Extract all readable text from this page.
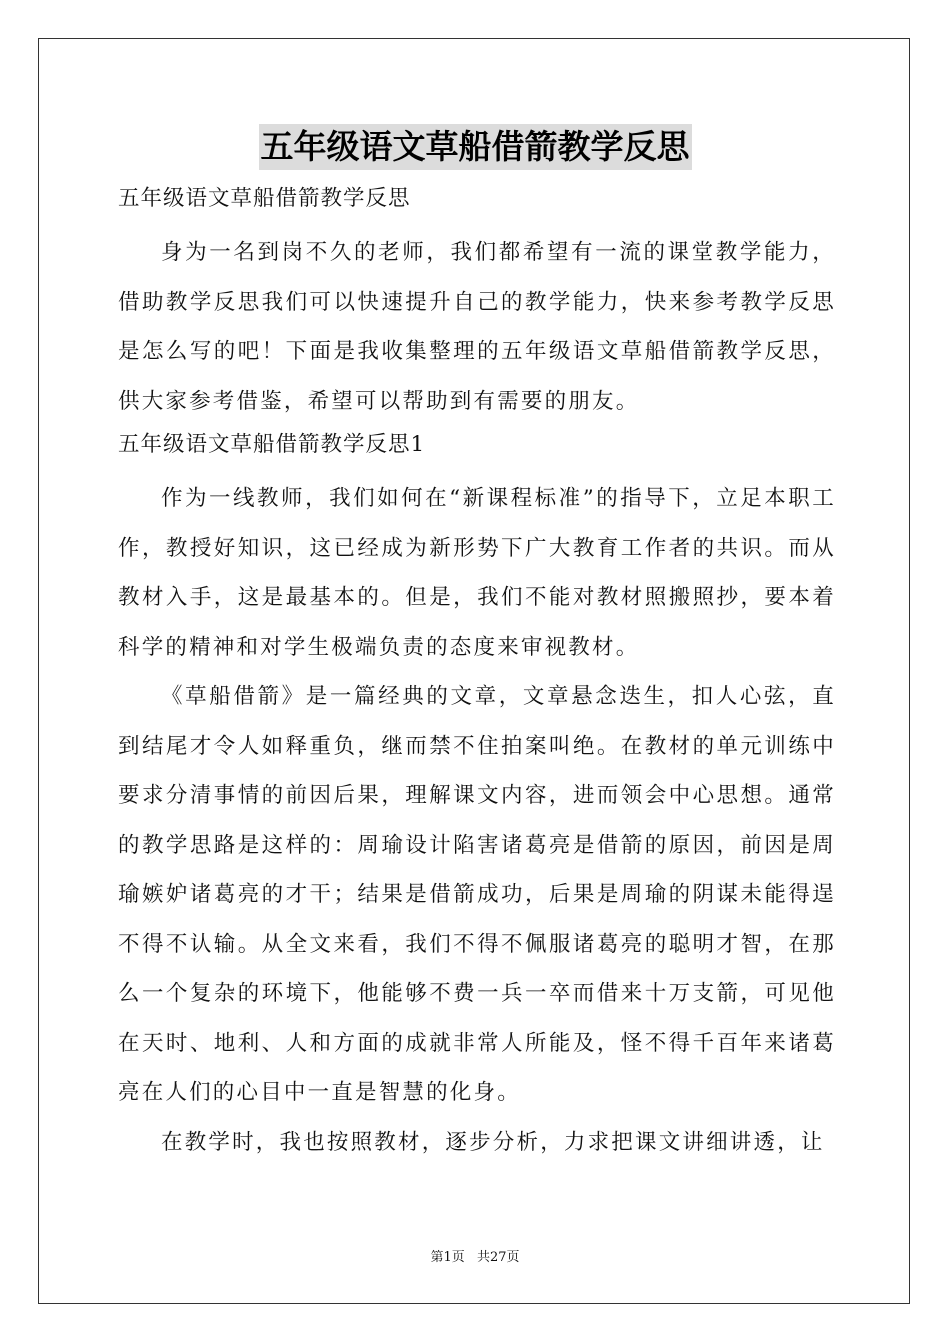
五年级语文草船借箭教学反思

五年级语文草船借箭教学反思

身为一名到岗不久的老师，我们都希望有一流的课堂教学能力，借助教学反思我们可以快速提升自己的教学能力，快来参考教学反思是怎么写的吧！下面是我收集整理的五年级语文草船借箭教学反思，供大家参考借鉴，希望可以帮助到有需要的朋友。

五年级语文草船借箭教学反思1

作为一线教师，我们如何在“新课程标准”的指导下，立足本职工作，教授好知识，这已经成为新形势下广大教育工作者的共识。而从教材入手，这是最基本的。但是，我们不能对教材照搬照抄，要本着科学的精神和对学生极端负责的态度来审视教材。

《草船借箭》是一篇经典的文章，文章悬念迭生，扣人心弦，直到结尾才令人如释重负，继而禁不住拍案叫绝。在教材的单元训练中要求分清事情的前因后果，理解课文内容，进而领会中心思想。通常的教学思路是这样的：周瑜设计陷害诸葛亮是借箭的原因，前因是周瑜嫉妒诸葛亮的才干；结果是借箭成功，后果是周瑜的阴谋未能得逞不得不认输。从全文来看，我们不得不佩服诸葛亮的聪明才智，在那么一个复杂的环境下，他能够不费一兵一卒而借来十万支箭，可见他在天时、地利、人和方面的成就非常人所能及，怪不得千百年来诸葛亮在人们的心目中一直是智慧的化身。

在教学时，我也按照教材，逐步分析，力求把课文讲细讲透，让

第1页 共27页
